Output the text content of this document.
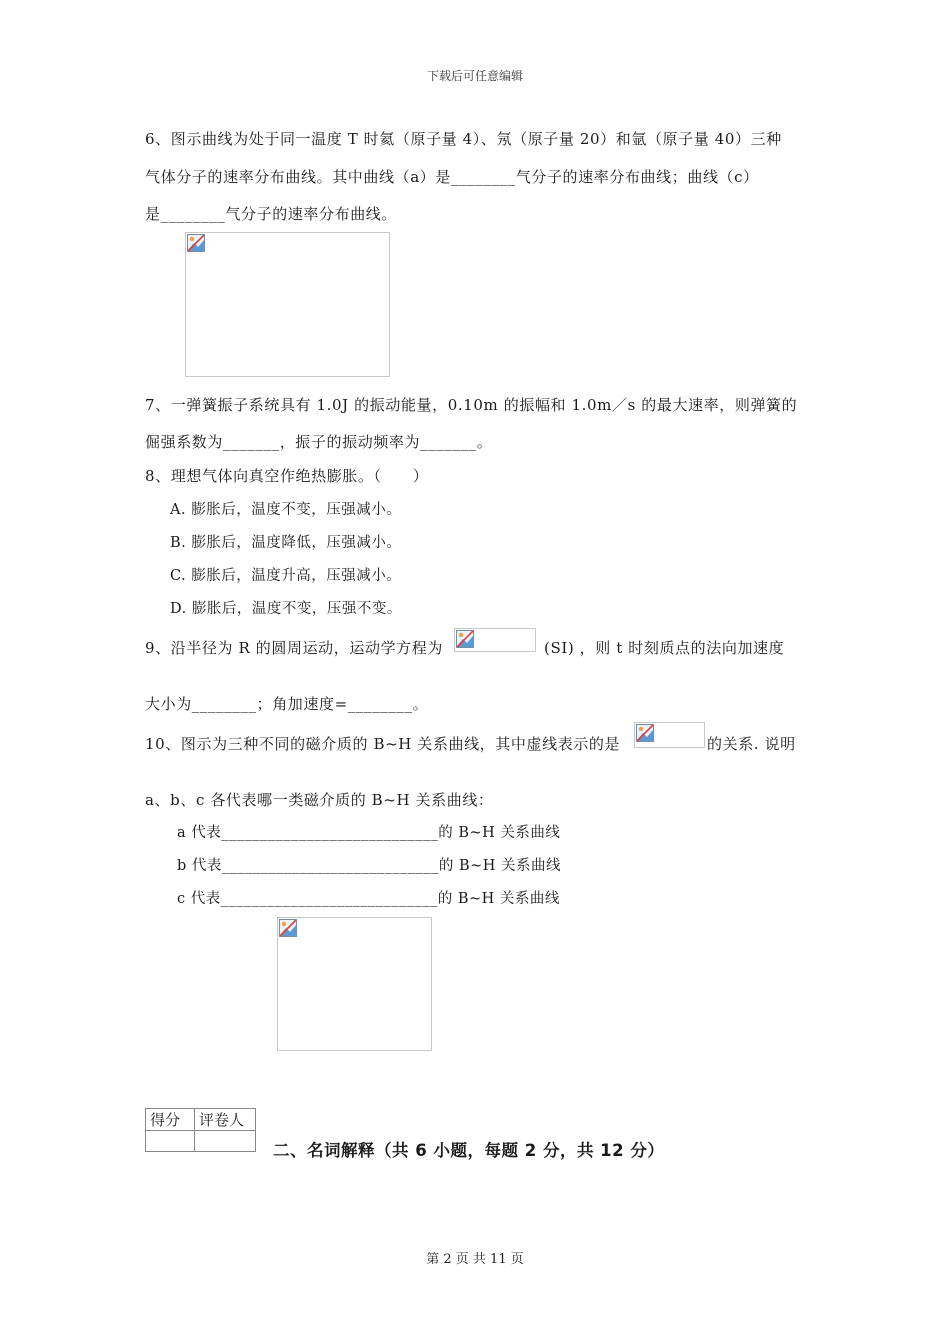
下载后可任意编辑
6、图示曲线为处于同一温度 T 时氦（原子量 4）、氖（原子量 20）和氩（原子量 40）三种
气体分子的速率分布曲线。其中曲线（a）是________气分子的速率分布曲线；曲线（c）
是________气分子的速率分布曲线。
7、一弹簧振子系统具有 1.0J 的振动能量，0.10m 的振幅和 1.0m／s 的最大速率，则弹簧的
倔强系数为_______，振子的振动频率为_______。
8、理想气体向真空作绝热膨胀。（　　）
A. 膨胀后，温度不变，压强减小。
B. 膨胀后，温度降低，压强减小。
C. 膨胀后，温度升高，压强减小。
D. 膨胀后，温度不变，压强不变。
9、沿半径为 R 的圆周运动，运动学方程为	(SI) ，则 t 时刻质点的法向加速度
大小为________；角加速度=________。
10、图示为三种不同的磁介质的 B~H 关系曲线，其中虚线表示的是	的关系. 说明
a、b、c 各代表哪一类磁介质的 B~H 关系曲线：
a 代表____________________________的 B~H 关系曲线
b 代表____________________________的 B~H 关系曲线
c 代表____________________________的 B~H 关系曲线
得分	评卷人

二、名词解释（共 6 小题，每题 2 分，共 12 分）
第 2 页 共 11 页
